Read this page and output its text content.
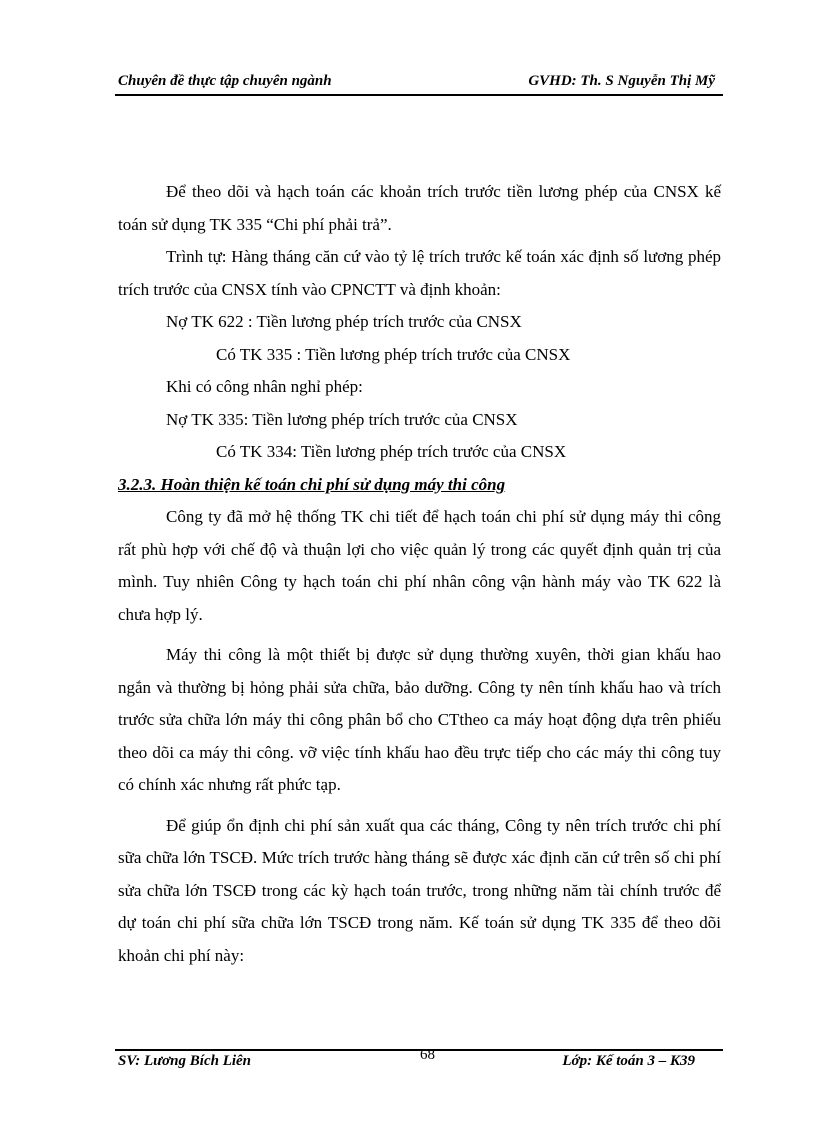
Chuyên đề thực tập chuyên ngành	GVHD: Th. S Nguyễn Thị Mỹ

Để theo dõi và hạch toán các khoản trích trước tiền lương phép của CNSX kế toán sử dụng TK 335 “Chi phí phải trả”.

Trình tự: Hàng tháng căn cứ vào tỷ lệ trích trước kế toán xác định số lương phép trích trước của CNSX tính vào CPNCTT và định khoản:

Nợ TK 622 : Tiền lương phép trích trước của CNSX

Có TK 335 : Tiền lương phép trích trước của CNSX

Khi có công nhân nghỉ phép:

Nợ TK 335: Tiền lương phép trích trước của CNSX

Có TK 334: Tiền lương phép trích trước của CNSX

3.2.3. Hoàn thiện kế toán chi phí sử dụng máy thi công

Công ty đã mở hệ thống TK chi tiết để hạch toán chi phí sử dụng máy thi công rất phù hợp với chế độ và thuận lợi cho việc quản lý trong các quyết định quản trị của mình. Tuy nhiên Công ty hạch toán chi phí nhân công vận hành máy vào TK 622 là chưa hợp lý.

Máy thi công là một thiết bị được sử dụng thường xuyên, thời gian khấu hao ngắn và thường bị hỏng phải sửa chữa, bảo dưỡng. Công ty nên tính khấu hao và trích trước sửa chữa lớn máy thi công phân bổ cho CTtheo ca máy hoạt động dựa trên phiếu theo dõi ca máy thi công. vỡ việc tính khấu hao đều trực tiếp cho các máy thi công tuy có chính xác nhưng rất phức tạp.

Để giúp ổn định chi phí sản xuất qua các tháng, Công ty nên trích trước chi phí sữa chữa lớn TSCĐ. Mức trích trước hàng tháng sẽ được xác định căn cứ trên số chi phí sửa chữa lớn TSCĐ trong các kỳ hạch toán trước, trong những năm tài chính trước để dự toán chi phí sữa chữa lớn TSCĐ trong năm. Kế toán sử dụng TK 335 để theo dõi khoản chi phí này:

SV: Lương Bích Liên	68	Lớp: Kế toán 3 – K39
